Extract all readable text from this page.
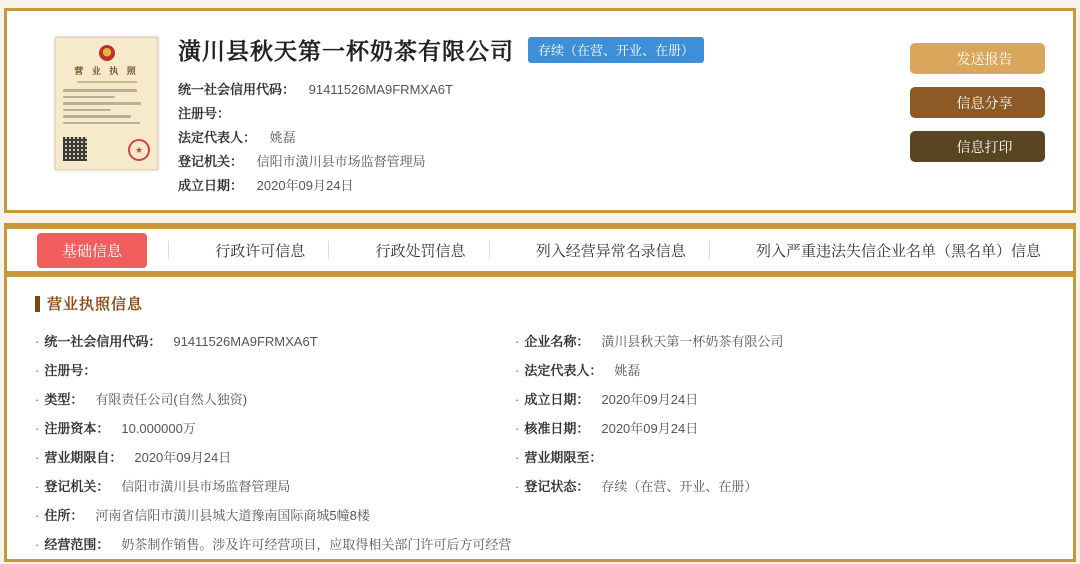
营 业 执 照
★
潢川县秋天第一杯奶茶有限公司	存续（在营、开业、在册）
统一社会信用代码： 91411526MA9FRMXA6T
注册号：
法定代表人： 姚磊
登记机关： 信阳市潢川县市场监督管理局
成立日期： 2020年09月24日
发送报告
信息分享
信息打印
基础信息	行政许可信息	行政处罚信息	列入经营异常名录信息	列入严重违法失信企业名单（黑名单）信息
营业执照信息
· 统一社会信用代码： 91411526MA9FRMXA6T
· 注册号：
· 类型： 有限责任公司(自然人独资)
· 注册资本： 10.000000万
· 营业期限自： 2020年09月24日
· 登记机关： 信阳市潢川县市场监督管理局
· 住所： 河南省信阳市潢川县城大道豫南国际商城5幢8楼
· 经营范围： 奶茶制作销售。涉及许可经营项目，应取得相关部门许可后方可经营
· 企业名称： 潢川县秋天第一杯奶茶有限公司
· 法定代表人： 姚磊
· 成立日期： 2020年09月24日
· 核准日期： 2020年09月24日
· 营业期限至：
· 登记状态： 存续（在营、开业、在册）
